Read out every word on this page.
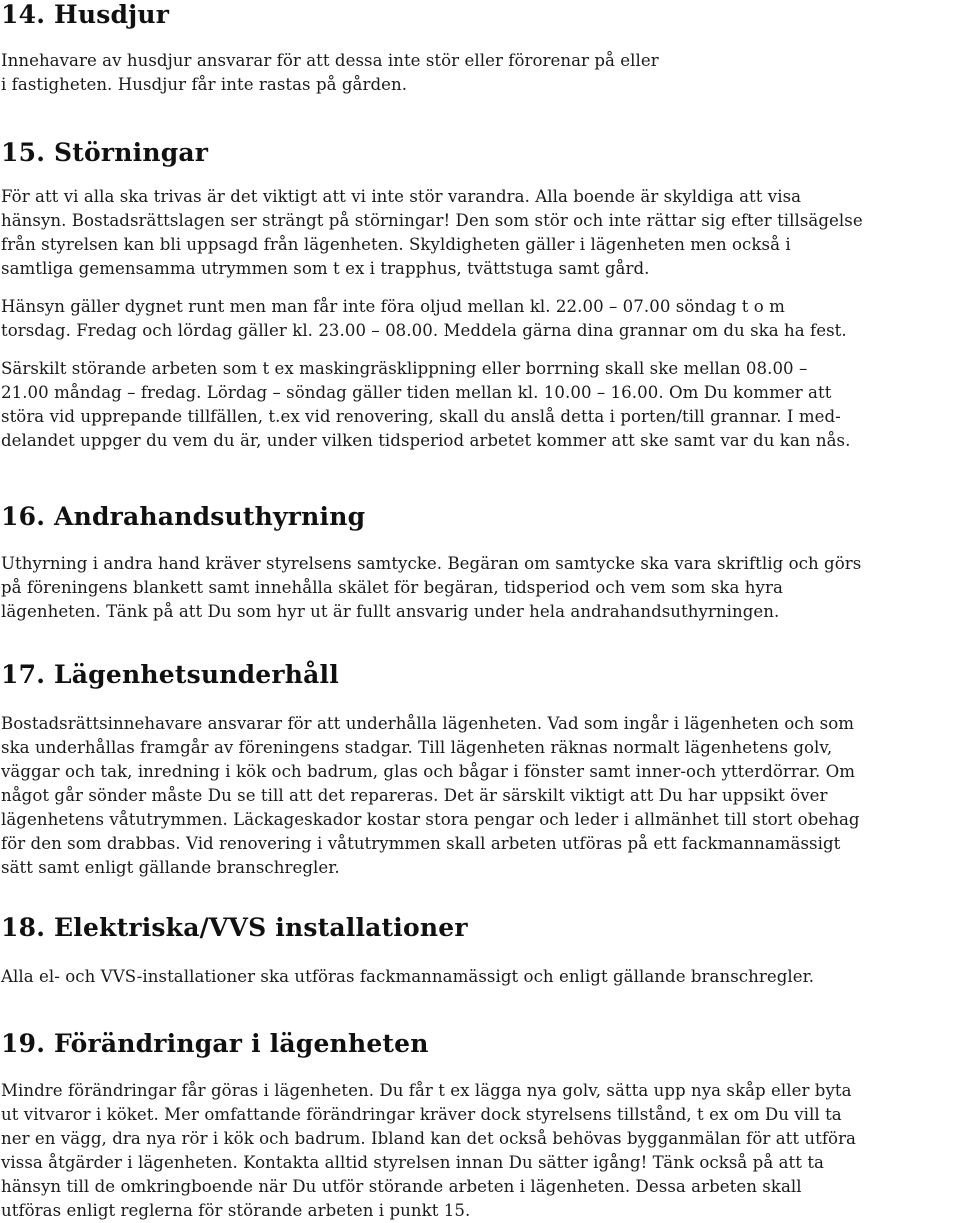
14. Husdjur

Innehavare av husdjur ansvarar för att dessa inte stör eller förorenar på eller
i fastigheten. Husdjur får inte rastas på gården.

15. Störningar

För att vi alla ska trivas är det viktigt att vi inte stör varandra. Alla boende är skyldiga att visa
hänsyn. Bostadsrättslagen ser strängt på störningar! Den som stör och inte rättar sig efter tillsägelse
från styrelsen kan bli uppsagd från lägenheten. Skyldigheten gäller i lägenheten men också i
samtliga gemensamma utrymmen som t ex i trapphus, tvättstuga samt gård.

Hänsyn gäller dygnet runt men man får inte föra oljud mellan kl. 22.00 – 07.00 söndag t o m
torsdag. Fredag och lördag gäller kl. 23.00 – 08.00. Meddela gärna dina grannar om du ska ha fest.

Särskilt störande arbeten som t ex maskingräsklippning eller borrning skall ske mellan 08.00 –
21.00 måndag – fredag. Lördag – söndag gäller tiden mellan kl. 10.00 – 16.00. Om Du kommer att
störa vid upprepande tillfällen, t.ex vid renovering, skall du anslå detta i porten/till grannar. I med-
delandet uppger du vem du är, under vilken tidsperiod arbetet kommer att ske samt var du kan nås.

16. Andrahandsuthyrning

Uthyrning i andra hand kräver styrelsens samtycke. Begäran om samtycke ska vara skriftlig och görs
på föreningens blankett samt innehålla skälet för begäran, tidsperiod och vem som ska hyra
lägenheten. Tänk på att Du som hyr ut är fullt ansvarig under hela andrahandsuthyrningen.

17. Lägenhetsunderhåll

Bostadsrättsinnehavare ansvarar för att underhålla lägenheten. Vad som ingår i lägenheten och som
ska underhållas framgår av föreningens stadgar. Till lägenheten räknas normalt lägenhetens golv,
väggar och tak, inredning i kök och badrum, glas och bågar i fönster samt inner-och ytterdörrar. Om
något går sönder måste Du se till att det repareras. Det är särskilt viktigt att Du har uppsikt över
lägenhetens våtutrymmen. Läckageskador kostar stora pengar och leder i allmänhet till stort obehag
för den som drabbas. Vid renovering i våtutrymmen skall arbeten utföras på ett fackmannamässigt
sätt samt enligt gällande branschregler.

18. Elektriska/VVS installationer

Alla el- och VVS-installationer ska utföras fackmannamässigt och enligt gällande branschregler.

19. Förändringar i lägenheten

Mindre förändringar får göras i lägenheten. Du får t ex lägga nya golv, sätta upp nya skåp eller byta
ut vitvaror i köket. Mer omfattande förändringar kräver dock styrelsens tillstånd, t ex om Du vill ta
ner en vägg, dra nya rör i kök och badrum. Ibland kan det också behövas bygganmälan för att utföra
vissa åtgärder i lägenheten. Kontakta alltid styrelsen innan Du sätter igång! Tänk också på att ta
hänsyn till de omkringboende när Du utför störande arbeten i lägenheten. Dessa arbeten skall
utföras enligt reglerna för störande arbeten i punkt 15.
